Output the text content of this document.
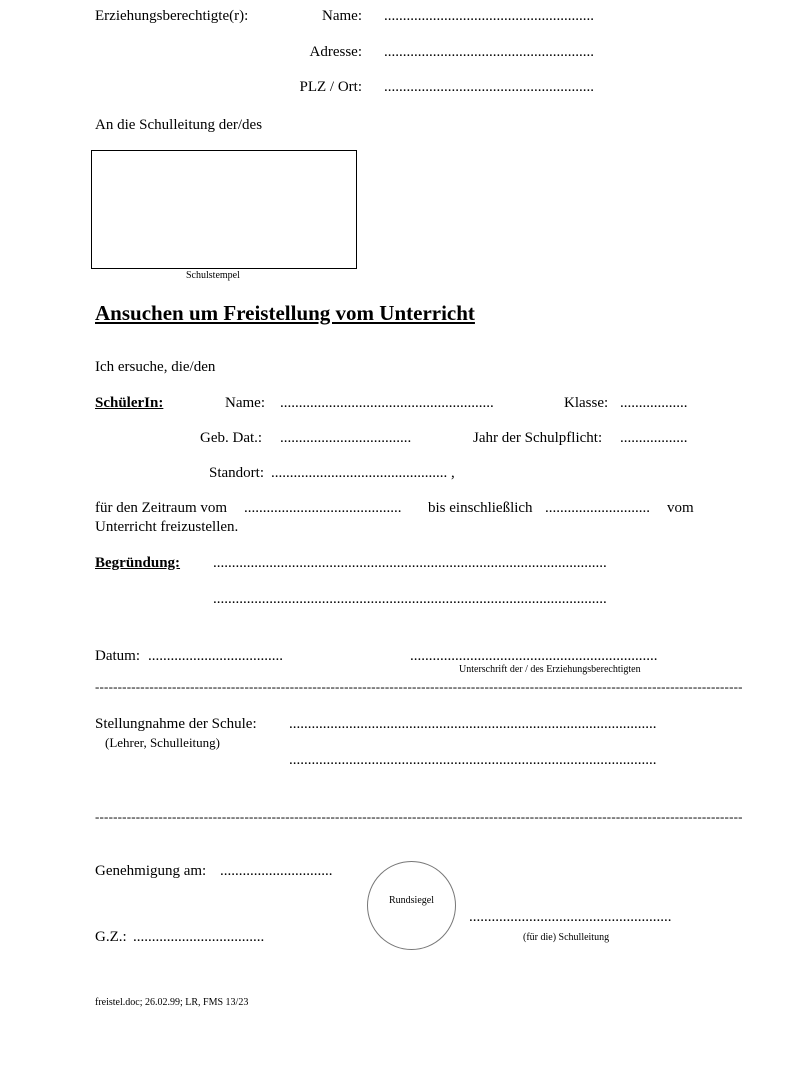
Erziehungsberechtigte(r):	Name: ........................................................
Adresse: ........................................................
PLZ / Ort: ........................................................
An die Schulleitung der/des
Schulstempel
Ansuchen um Freistellung vom Unterricht
Ich ersuche, die/den
SchülerIn:	Name: .........................................................	Klasse: ..................
Geb. Dat.: ...................................	Jahr der Schulpflicht: ..................
Standort: ............................................... ,
für den Zeitraum vom .......................................... bis einschließlich ............................ vom
Unterricht freizustellen.
Begründung: .........................................................................................................
.........................................................................................................
Datum: ....................................	..................................................................
Unterschrift der / des Erziehungsberechtigten
-----------------------------------------------------------------------------------------------------------------------------------------------
Stellungnahme der Schule:
(Lehrer, Schulleitung)
..................................................................................................
..................................................................................................
-----------------------------------------------------------------------------------------------------------------------------------------------
Genehmigung am: ..............................
Rundsiegel
......................................................
(für die) Schulleitung
G.Z.: ...................................
freistel.doc; 26.02.99; LR, FMS 13/23
